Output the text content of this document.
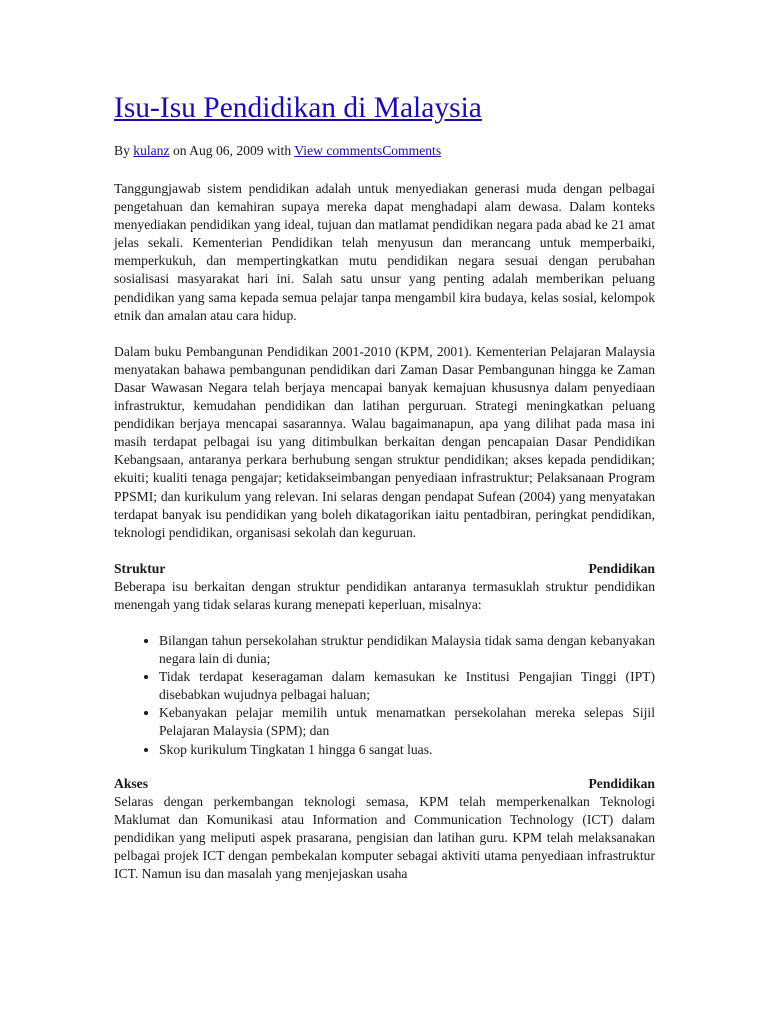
Isu-Isu Pendidikan di Malaysia
By kulanz on Aug 06, 2009 with View commentsComments

Tanggungjawab sistem pendidikan adalah untuk menyediakan generasi muda dengan pelbagai pengetahuan dan kemahiran supaya mereka dapat menghadapi alam dewasa. Dalam konteks menyediakan pendidikan yang ideal, tujuan dan matlamat pendidikan negara pada abad ke 21 amat jelas sekali. Kementerian Pendidikan telah menyusun dan merancang untuk memperbaiki, memperkukuh, dan mempertingkatkan mutu pendidikan negara sesuai dengan perubahan sosialisasi masyarakat hari ini. Salah satu unsur yang penting adalah memberikan peluang pendidikan yang sama kepada semua pelajar tanpa mengambil kira budaya, kelas sosial, kelompok etnik dan amalan atau cara hidup.

Dalam buku Pembangunan Pendidikan 2001-2010 (KPM, 2001). Kementerian Pelajaran Malaysia menyatakan bahawa pembangunan pendidikan dari Zaman Dasar Pembangunan hingga ke Zaman Dasar Wawasan Negara telah berjaya mencapai banyak kemajuan khususnya dalam penyediaan infrastruktur, kemudahan pendidikan dan latihan perguruan. Strategi meningkatkan peluang pendidikan berjaya mencapai sasarannya. Walau bagaimanapun, apa yang dilihat pada masa ini masih terdapat pelbagai isu yang ditimbulkan berkaitan dengan pencapaian Dasar Pendidikan Kebangsaan, antaranya perkara berhubung sengan struktur pendidikan; akses kepada pendidikan; ekuiti; kualiti tenaga pengajar; ketidakseimbangan penyediaan infrastruktur; Pelaksanaan Program PPSMI; dan kurikulum yang relevan. Ini selaras dengan pendapat Sufean (2004) yang menyatakan terdapat banyak isu pendidikan yang boleh dikatagorikan iaitu pentadbiran, peringkat pendidikan, teknologi pendidikan, organisasi sekolah dan keguruan.

Struktur	Pendidikan

Beberapa isu berkaitan dengan struktur pendidikan antaranya termasuklah struktur pendidikan menengah yang tidak selaras kurang menepati keperluan, misalnya:

• Bilangan tahun persekolahan struktur pendidikan Malaysia tidak sama dengan kebanyakan negara lain di dunia;
• Tidak terdapat keseragaman dalam kemasukan ke Institusi Pengajian Tinggi (IPT) disebabkan wujudnya pelbagai haluan;
• Kebanyakan pelajar memilih untuk menamatkan persekolahan mereka selepas Sijil Pelajaran Malaysia (SPM); dan
• Skop kurikulum Tingkatan 1 hingga 6 sangat luas.
Akses	Pendidikan

Selaras dengan perkembangan teknologi semasa, KPM telah memperkenalkan Teknologi Maklumat dan Komunikasi atau Information and Communication Technology (ICT) dalam pendidikan yang meliputi aspek prasarana, pengisian dan latihan guru. KPM telah melaksanakan pelbagai projek ICT dengan pembekalan komputer sebagai aktiviti utama penyediaan infrastruktur ICT. Namun isu dan masalah yang menjejaskan usaha
